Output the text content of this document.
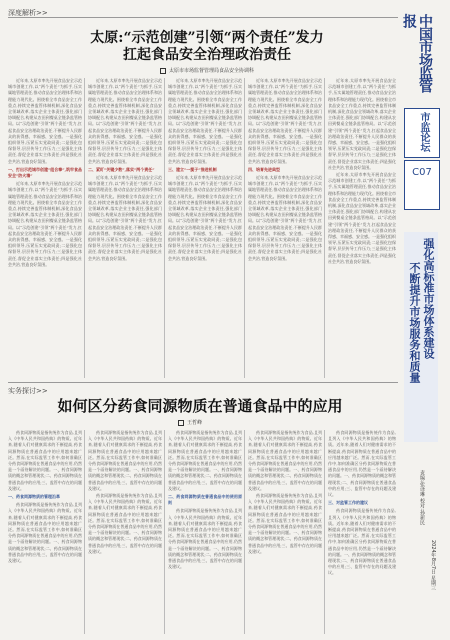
深度解析>>
太原:“示范创建”引领“两个责任”发力
扛起食品安全治理政治责任
太原市市场监督管理局食品安全协调科

近年来,太原市率先开展食品安全示范城市创建工作,以“两个责任”为抓手,压实属地管理责任,推动食品安全治理体系和治理能力现代化。围绕着全市食品安全工作重点,持续完善监管体制机制,深化食品安全领域改革,落实企业主体责任,强化部门协调配合,构建从农田到餐桌全链条监管格局。以“示范创建”引领“两个责任”发力,扛起食品安全治理政治责任,不断提升人民群众的获得感、幸福感、安全感。一是强化组织领导,压紧压实党政同责;二是强化包保督导,层层传导工作压力;三是强化主体责任,督促企业落实主体责任;四是强化社会共治,营造良好氛围。

一、打出示范城市创建“组合拳”,筑牢食品安全“防火墙”

近年来,太原市率先开展食品安全示范城市创建工作,以“两个责任”为抓手,压实属地管理责任,推动食品安全治理体系和治理能力现代化。围绕着全市食品安全工作重点,持续完善监管体制机制,深化食品安全领域改革,落实企业主体责任,强化部门协调配合,构建从农田到餐桌全链条监管格局。以“示范创建”引领“两个责任”发力,扛起食品安全治理政治责任,不断提升人民群众的获得感、幸福感、安全感。一是强化组织领导,压紧压实党政同责;二是强化包保督导,层层传导工作压力;三是强化主体责任,督促企业落实主体责任;四是强化社会共治,营造良好氛围。

近年来,太原市率先开展食品安全示范城市创建工作,以“两个责任”为抓手,压实属地管理责任,推动食品安全治理体系和治理能力现代化。围绕着全市食品安全工作重点,持续完善监管体制机制,深化食品安全领域改革,落实企业主体责任,强化部门协调配合,构建从农田到餐桌全链条监管格局。以“示范创建”引领“两个责任”发力,扛起食品安全治理政治责任,不断提升人民群众的获得感、幸福感、安全感。一是强化组织领导,压紧压实党政同责;二是强化包保督导,层层传导工作压力;三是强化主体责任,督促企业落实主体责任;四是强化社会共治,营造良好氛围。

二、紧盯“关键少数”,落实“两个责任”

近年来,太原市率先开展食品安全示范城市创建工作,以“两个责任”为抓手,压实属地管理责任,推动食品安全治理体系和治理能力现代化。围绕着全市食品安全工作重点,持续完善监管体制机制,深化食品安全领域改革,落实企业主体责任,强化部门协调配合,构建从农田到餐桌全链条监管格局。以“示范创建”引领“两个责任”发力,扛起食品安全治理政治责任,不断提升人民群众的获得感、幸福感、安全感。一是强化组织领导,压紧压实党政同责;二是强化包保督导,层层传导工作压力;三是强化主体责任,督促企业落实主体责任;四是强化社会共治,营造良好氛围。

近年来,太原市率先开展食品安全示范城市创建工作,以“两个责任”为抓手,压实属地管理责任,推动食品安全治理体系和治理能力现代化。围绕着全市食品安全工作重点,持续完善监管体制机制,深化食品安全领域改革,落实企业主体责任,强化部门协调配合,构建从农田到餐桌全链条监管格局。以“示范创建”引领“两个责任”发力,扛起食品安全治理政治责任,不断提升人民群众的获得感、幸福感、安全感。一是强化组织领导,压紧压实党政同责;二是强化包保督导,层层传导工作压力;三是强化主体责任,督促企业落实主体责任;四是强化社会共治,营造良好氛围。

三、建立“一揽子”推进机制

近年来,太原市率先开展食品安全示范城市创建工作,以“两个责任”为抓手,压实属地管理责任,推动食品安全治理体系和治理能力现代化。围绕着全市食品安全工作重点,持续完善监管体制机制,深化食品安全领域改革,落实企业主体责任,强化部门协调配合,构建从农田到餐桌全链条监管格局。以“示范创建”引领“两个责任”发力,扛起食品安全治理政治责任,不断提升人民群众的获得感、幸福感、安全感。一是强化组织领导,压紧压实党政同责;二是强化包保督导,层层传导工作压力;三是强化主体责任,督促企业落实主体责任;四是强化社会共治,营造良好氛围。

近年来,太原市率先开展食品安全示范城市创建工作,以“两个责任”为抓手,压实属地管理责任,推动食品安全治理体系和治理能力现代化。围绕着全市食品安全工作重点,持续完善监管体制机制,深化食品安全领域改革,落实企业主体责任,强化部门协调配合,构建从农田到餐桌全链条监管格局。以“示范创建”引领“两个责任”发力,扛起食品安全治理政治责任,不断提升人民群众的获得感、幸福感、安全感。一是强化组织领导,压紧压实党政同责;二是强化包保督导,层层传导工作压力;三是强化主体责任,督促企业落实主体责任;四是强化社会共治,营造良好氛围。

四、培育先进典型

近年来,太原市率先开展食品安全示范城市创建工作,以“两个责任”为抓手,压实属地管理责任,推动食品安全治理体系和治理能力现代化。围绕着全市食品安全工作重点,持续完善监管体制机制,深化食品安全领域改革,落实企业主体责任,强化部门协调配合,构建从农田到餐桌全链条监管格局。以“示范创建”引领“两个责任”发力,扛起食品安全治理政治责任,不断提升人民群众的获得感、幸福感、安全感。一是强化组织领导,压紧压实党政同责;二是强化包保督导,层层传导工作压力;三是强化主体责任,督促企业落实主体责任;四是强化社会共治,营造良好氛围。

近年来,太原市率先开展食品安全示范城市创建工作,以“两个责任”为抓手,压实属地管理责任,推动食品安全治理体系和治理能力现代化。围绕着全市食品安全工作重点,持续完善监管体制机制,深化食品安全领域改革,落实企业主体责任,强化部门协调配合,构建从农田到餐桌全链条监管格局。以“示范创建”引领“两个责任”发力,扛起食品安全治理政治责任,不断提升人民群众的获得感、幸福感、安全感。一是强化组织领导,压紧压实党政同责;二是强化包保督导,层层传导工作压力;三是强化主体责任,督促企业落实主体责任;四是强化社会共治,营造良好氛围。

近年来,太原市率先开展食品安全示范城市创建工作,以“两个责任”为抓手,压实属地管理责任,推动食品安全治理体系和治理能力现代化。围绕着全市食品安全工作重点,持续完善监管体制机制,深化食品安全领域改革,落实企业主体责任,强化部门协调配合,构建从农田到餐桌全链条监管格局。以“示范创建”引领“两个责任”发力,扛起食品安全治理政治责任,不断提升人民群众的获得感、幸福感、安全感。一是强化组织领导,压紧压实党政同责;二是强化包保督导,层层传导工作压力;三是强化主体责任,督促企业落实主体责任;四是强化社会共治,营造良好氛围。

中国市场监管报
市监论坛
C07
强化高标准市场体系建设
不断提升市场服务和质量
责编:张译琳 校对:孙新民
2024年8月7日 星期三
实务探讨>>
如何区分药食同源物质在普通食品中的应用
王哲峰

药食同源物质是指传统作为食品,且列入《中华人民共和国药典》的物质。近年来,随着人们对健康需求的不断提高,药食同源物质在普通食品中的应用越来越广泛。然而,在实际监管工作中,如何准确区分药食同源物质在普通食品中的应用,仍然是一个亟待解决的问题。一、药食同源物质的概念和管理现状;二、药食同源物质在普通食品中的应用;三、监管中存在的问题及建议。

一、药食同源物质的管理沿革

药食同源物质是指传统作为食品,且列入《中华人民共和国药典》的物质。近年来,随着人们对健康需求的不断提高,药食同源物质在普通食品中的应用越来越广泛。然而,在实际监管工作中,如何准确区分药食同源物质在普通食品中的应用,仍然是一个亟待解决的问题。一、药食同源物质的概念和管理现状;二、药食同源物质在普通食品中的应用;三、监管中存在的问题及建议。

药食同源物质是指传统作为食品,且列入《中华人民共和国药典》的物质。近年来,随着人们对健康需求的不断提高,药食同源物质在普通食品中的应用越来越广泛。然而,在实际监管工作中,如何准确区分药食同源物质在普通食品中的应用,仍然是一个亟待解决的问题。一、药食同源物质的概念和管理现状;二、药食同源物质在普通食品中的应用;三、监管中存在的问题及建议。

药食同源物质是指传统作为食品,且列入《中华人民共和国药典》的物质。近年来,随着人们对健康需求的不断提高,药食同源物质在普通食品中的应用越来越广泛。然而,在实际监管工作中,如何准确区分药食同源物质在普通食品中的应用,仍然是一个亟待解决的问题。一、药食同源物质的概念和管理现状;二、药食同源物质在普通食品中的应用;三、监管中存在的问题及建议。

药食同源物质是指传统作为食品,且列入《中华人民共和国药典》的物质。近年来,随着人们对健康需求的不断提高,药食同源物质在普通食品中的应用越来越广泛。然而,在实际监管工作中,如何准确区分药食同源物质在普通食品中的应用,仍然是一个亟待解决的问题。一、药食同源物质的概念和管理现状;二、药食同源物质在普通食品中的应用;三、监管中存在的问题及建议。

二、药食同源物质在普通食品中的使用原则

药食同源物质是指传统作为食品,且列入《中华人民共和国药典》的物质。近年来,随着人们对健康需求的不断提高,药食同源物质在普通食品中的应用越来越广泛。然而,在实际监管工作中,如何准确区分药食同源物质在普通食品中的应用,仍然是一个亟待解决的问题。一、药食同源物质的概念和管理现状;二、药食同源物质在普通食品中的应用;三、监管中存在的问题及建议。

药食同源物质是指传统作为食品,且列入《中华人民共和国药典》的物质。近年来,随着人们对健康需求的不断提高,药食同源物质在普通食品中的应用越来越广泛。然而,在实际监管工作中,如何准确区分药食同源物质在普通食品中的应用,仍然是一个亟待解决的问题。一、药食同源物质的概念和管理现状;二、药食同源物质在普通食品中的应用;三、监管中存在的问题及建议。

药食同源物质是指传统作为食品,且列入《中华人民共和国药典》的物质。近年来,随着人们对健康需求的不断提高,药食同源物质在普通食品中的应用越来越广泛。然而,在实际监管工作中,如何准确区分药食同源物质在普通食品中的应用,仍然是一个亟待解决的问题。一、药食同源物质的概念和管理现状;二、药食同源物质在普通食品中的应用;三、监管中存在的问题及建议。

药食同源物质是指传统作为食品,且列入《中华人民共和国药典》的物质。近年来,随着人们对健康需求的不断提高,药食同源物质在普通食品中的应用越来越广泛。然而,在实际监管工作中,如何准确区分药食同源物质在普通食品中的应用,仍然是一个亟待解决的问题。一、药食同源物质的概念和管理现状;二、药食同源物质在普通食品中的应用;三、监管中存在的问题及建议。

三、对监管工作的建议

药食同源物质是指传统作为食品,且列入《中华人民共和国药典》的物质。近年来,随着人们对健康需求的不断提高,药食同源物质在普通食品中的应用越来越广泛。然而,在实际监管工作中,如何准确区分药食同源物质在普通食品中的应用,仍然是一个亟待解决的问题。一、药食同源物质的概念和管理现状;二、药食同源物质在普通食品中的应用;三、监管中存在的问题及建议。
